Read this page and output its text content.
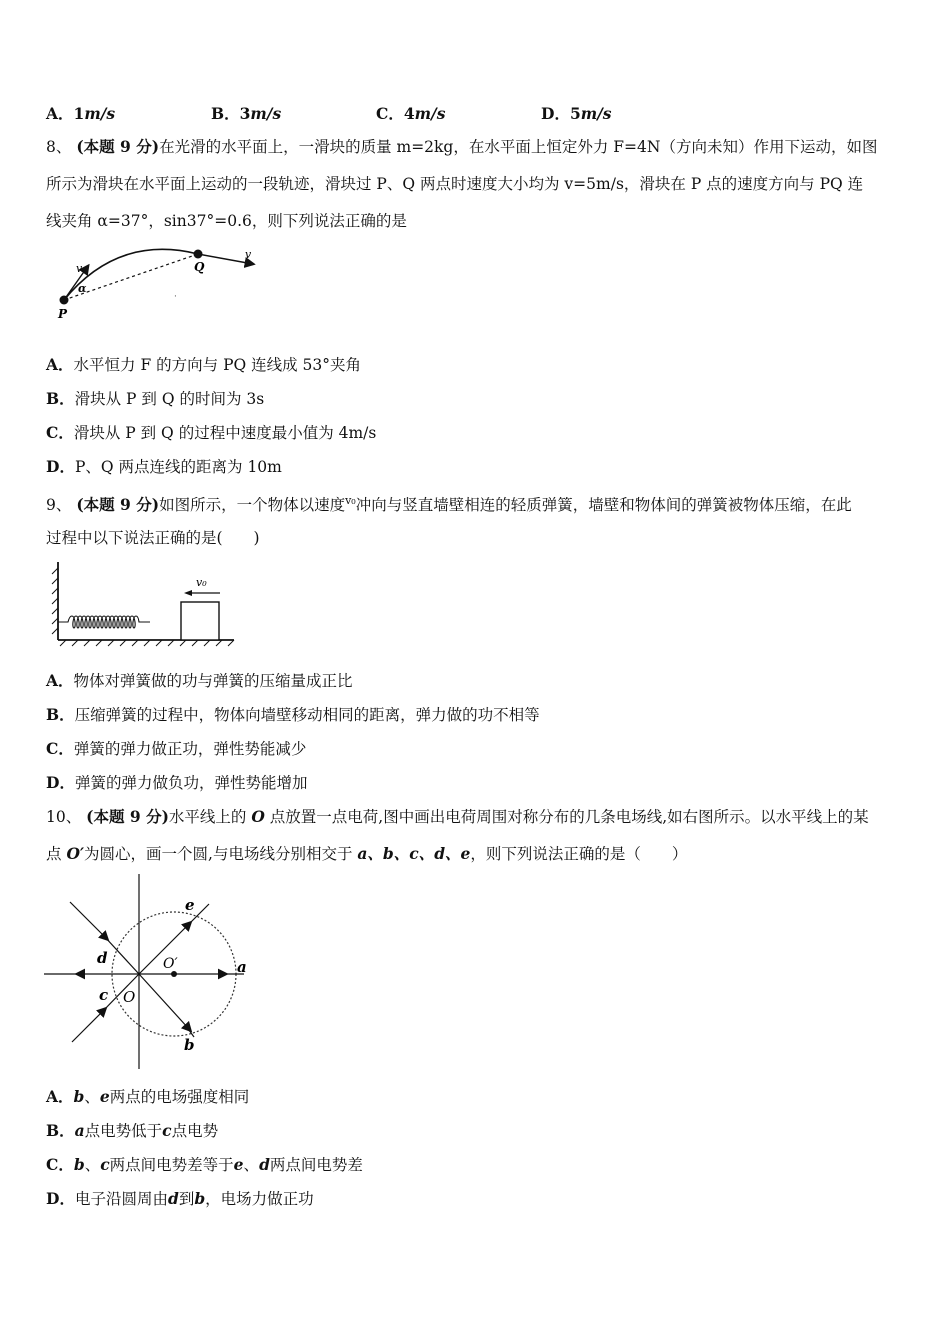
A．1m/s	B．3m/s	C．4m/s	D．5m/s
8、 (本题 9 分)在光滑的水平面上，一滑块的质量 m=2kg，在水平面上恒定外力 F=4N（方向未知）作用下运动，如图
所示为滑块在水平面上运动的一段轨迹，滑块过 P、Q 两点时速度大小均为 v=5m/s，滑块在 P 点的速度方向与 PQ 连
线夹角 α=37°，sin37°=0.6，则下列说法正确的是
P
Q
v
v
α
·
A．水平恒力 F 的方向与 PQ 连线成 53°夹角
B．滑块从 P 到 Q 的时间为 3s
C．滑块从 P 到 Q 的过程中速度最小值为 4m/s
D．P、Q 两点连线的距离为 10m
9、 (本题 9 分)如图所示，一个物体以速度$^{v_0}$冲向与竖直墙壁相连的轻质弹簧，墙壁和物体间的弹簧被物体压缩，在此
过程中以下说法正确的是(　　)
v₀
A．物体对弹簧做的功与弹簧的压缩量成正比
B．压缩弹簧的过程中，物体向墙壁移动相同的距离，弹力做的功不相等
C．弹簧的弹力做正功，弹性势能减少
D．弹簧的弹力做负功，弹性势能增加
10、 (本题 9 分)水平线上的 O 点放置一点电荷,图中画出电荷周围对称分布的几条电场线,如右图所示。以水平线上的某
点 O′为圆心，画一个圆,与电场线分别相交于 a、b、c、d、e，则下列说法正确的是（　　）
a
b
c
d
e
O
O′
A．b、e两点的电场强度相同
B．a点电势低于c点电势
C．b、c两点间电势差等于e、d两点间电势差
D．电子沿圆周由d到b，电场力做正功
